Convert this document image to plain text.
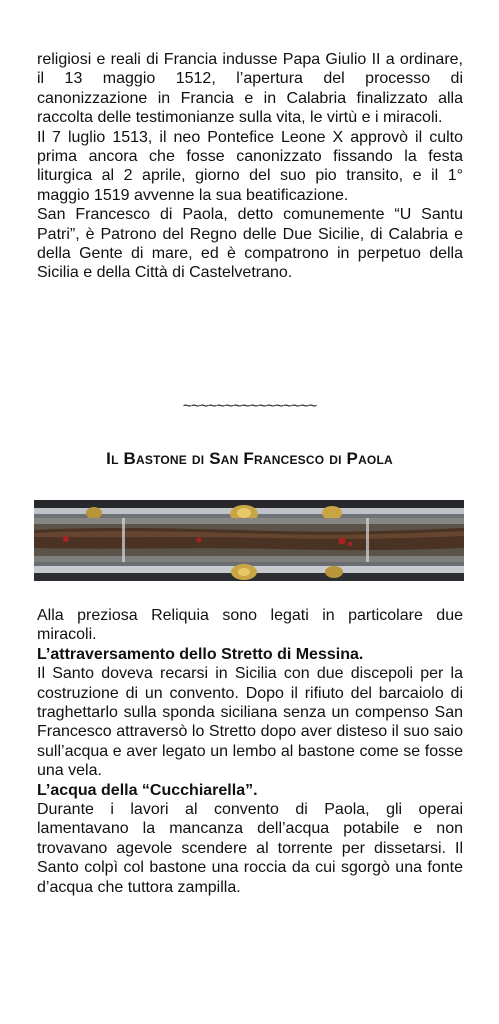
religiosi e reali di Francia indusse Papa Giulio II a ordinare, il 13 maggio 1512, l’apertura del processo di canonizzazione in Francia e in Calabria finalizzato alla raccolta delle testimonianze sulla vita, le virtù e i miracoli.

Il 7 luglio 1513, il neo Pontefice Leone X approvò il culto prima ancora che fosse canonizzato fissando la festa liturgica al 2 aprile, giorno del suo pio transito, e il 1° maggio 1519 avvenne la sua beatificazione.

San Francesco di Paola, detto comunemente “U Santu Patri”, è Patrono del Regno delle Due Sicilie, di Calabria e della Gente di mare, ed è compatrono in perpetuo della Sicilia e della Città di Castelvetrano.

~~~~~~~~~~~~~~~~
Il Bastone di San Francesco di Paola

Alla preziosa Reliquia sono legati in particolare due miracoli.

L’attraversamento dello Stretto di Messina.

Il Santo doveva recarsi in Sicilia con due discepoli per la costruzione di un convento. Dopo il rifiuto del barcaiolo di traghettarlo sulla sponda siciliana senza un compenso San Francesco attraversò lo Stretto dopo aver disteso il suo saio sull’acqua e aver legato un lembo al bastone come se fosse una vela.

L’acqua della “Cucchiarella”.

Durante i lavori al convento di Paola, gli operai lamentavano la mancanza dell’acqua potabile e non trovavano agevole scendere al torrente per dissetarsi. Il Santo colpì col bastone una roccia da cui sgorgò una fonte d’acqua che tuttora zampilla.
